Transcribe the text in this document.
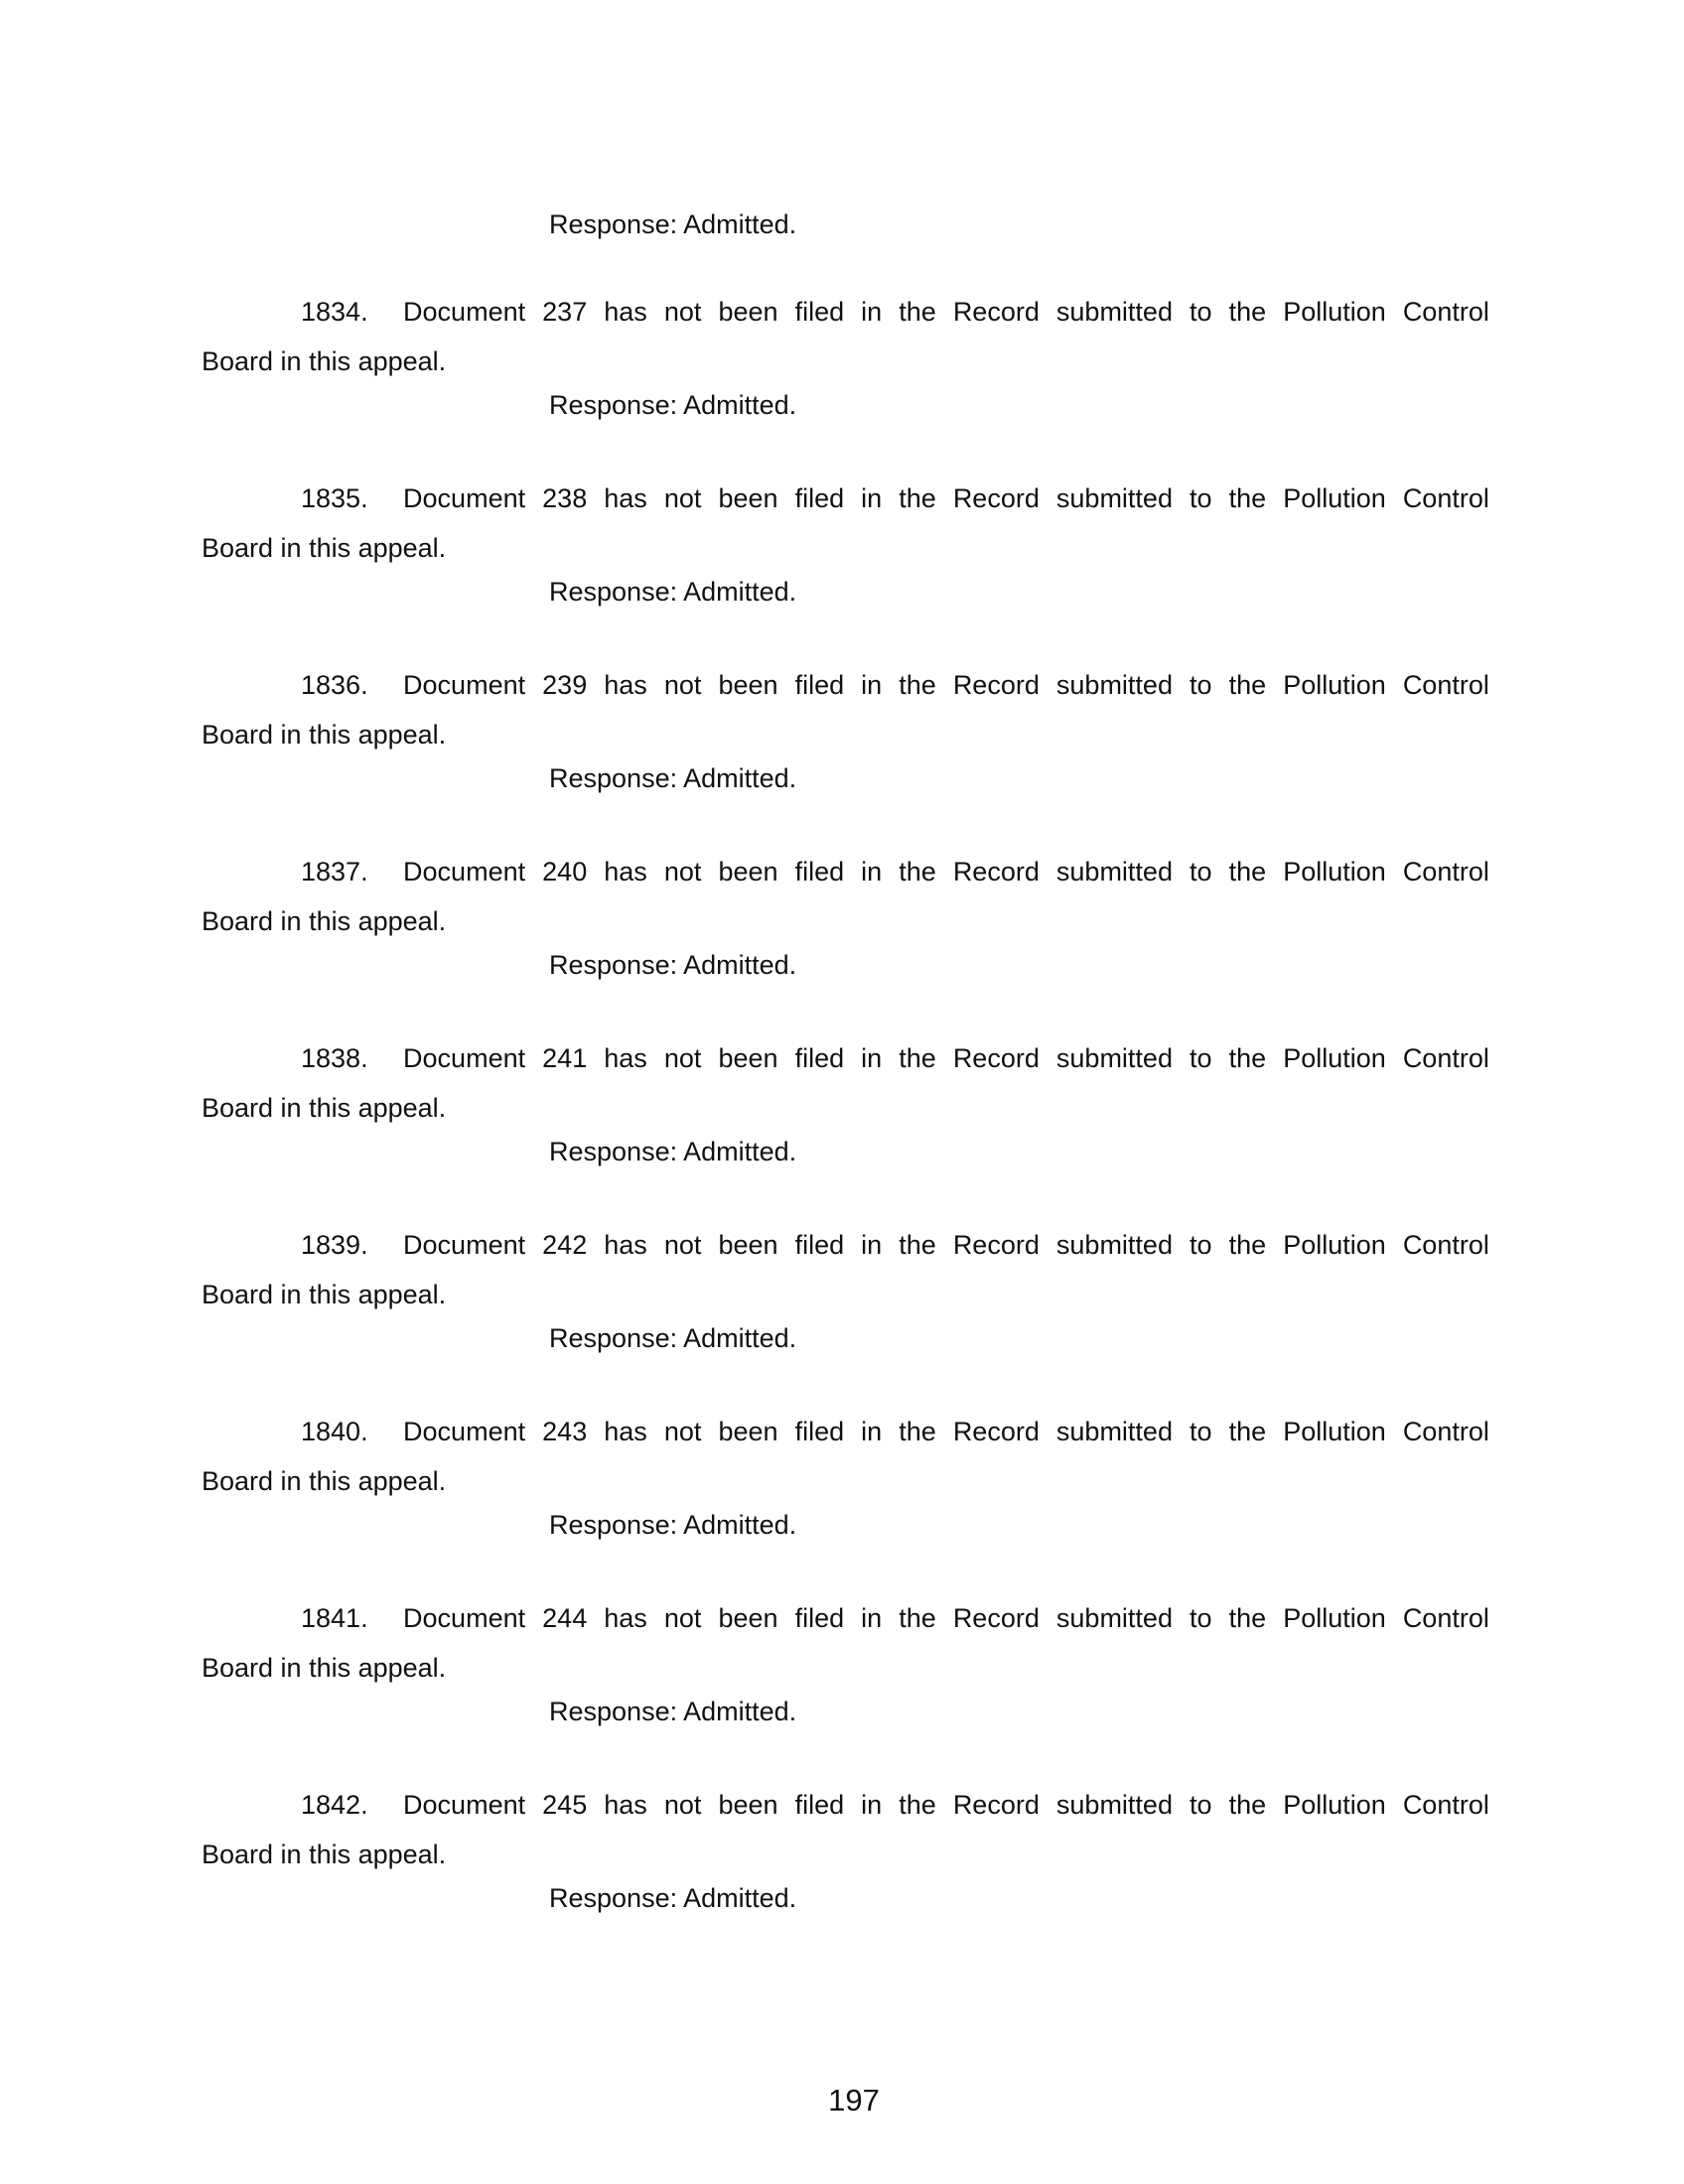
Response: Admitted.
1834.	Document 237 has not been filed in the Record submitted to the Pollution Control
Board in this appeal.
Response: Admitted.
1835.	Document 238 has not been filed in the Record submitted to the Pollution Control
Board in this appeal.
Response: Admitted.
1836.	Document 239 has not been filed in the Record submitted to the Pollution Control
Board in this appeal.
Response: Admitted.
1837.	Document 240 has not been filed in the Record submitted to the Pollution Control
Board in this appeal.
Response: Admitted.
1838.	Document 241 has not been filed in the Record submitted to the Pollution Control
Board in this appeal.
Response: Admitted.
1839.	Document 242 has not been filed in the Record submitted to the Pollution Control
Board in this appeal.
Response: Admitted.
1840.	Document 243 has not been filed in the Record submitted to the Pollution Control
Board in this appeal.
Response: Admitted.
1841.	Document 244 has not been filed in the Record submitted to the Pollution Control
Board in this appeal.
Response: Admitted.
1842.	Document 245 has not been filed in the Record submitted to the Pollution Control
Board in this appeal.
Response: Admitted.
197
